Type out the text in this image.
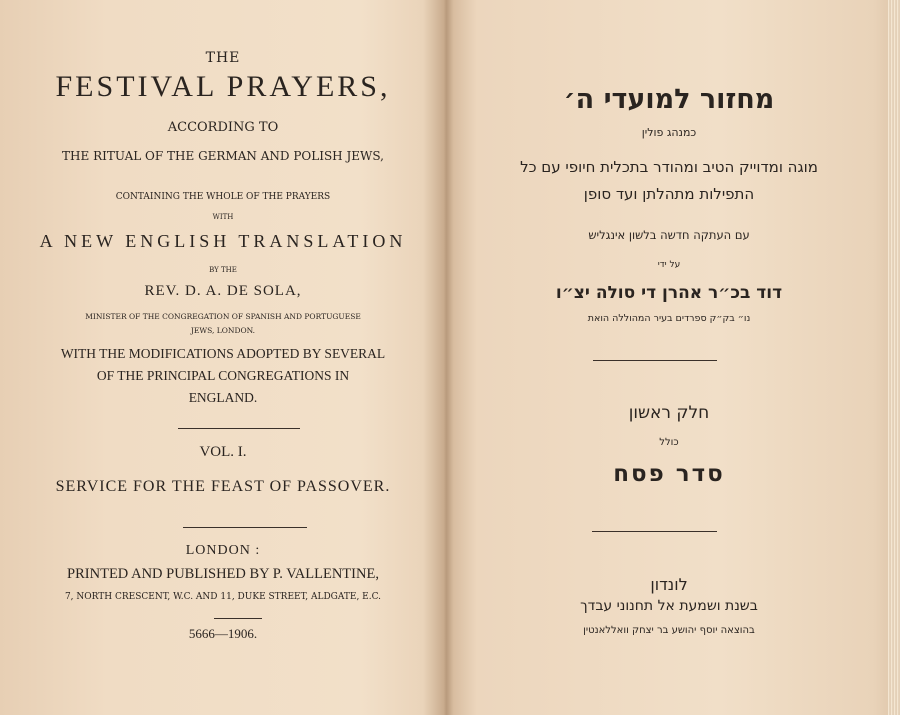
THE
FESTIVAL PRAYERS,
ACCORDING TO
THE RITUAL OF THE GERMAN AND POLISH JEWS,
CONTAINING THE WHOLE OF THE PRAYERS
WITH
A NEW ENGLISH TRANSLATION
BY THE
REV. D. A. DE SOLA,
MINISTER OF THE CONGREGATION OF SPANISH AND PORTUGUESE
JEWS, LONDON.
WITH THE MODIFICATIONS ADOPTED BY SEVERAL
OF THE PRINCIPAL CONGREGATIONS IN
ENGLAND.
VOL. I.
SERVICE FOR THE FEAST OF PASSOVER.
LONDON :
PRINTED AND PUBLISHED BY P. VALLENTINE,
7, NORTH CRESCENT, W.C. AND 11, DUKE STREET, ALDGATE, E.C.
5666—1906.
מחזור למועדי ה׳
כמנהג פולין
מוגה ומדוייק הטיב ומהודר בתכלית חיופי עם כל
התפילות מתהלתן ועד סופן
עם העתקה חדשה בלשון אינגליש
על ידי
דוד בכ״ר אהרן די סולה יצ״ו
נו״ בק״ק ספרדים בעיר המהוללה הואת
חלק ראשון
כולל
סדר פסח
לונדון
בשנת ושמעת אל תחנוני עבדך
בהוצאה יוסף יהושע בר יצחק וואללאנטין
